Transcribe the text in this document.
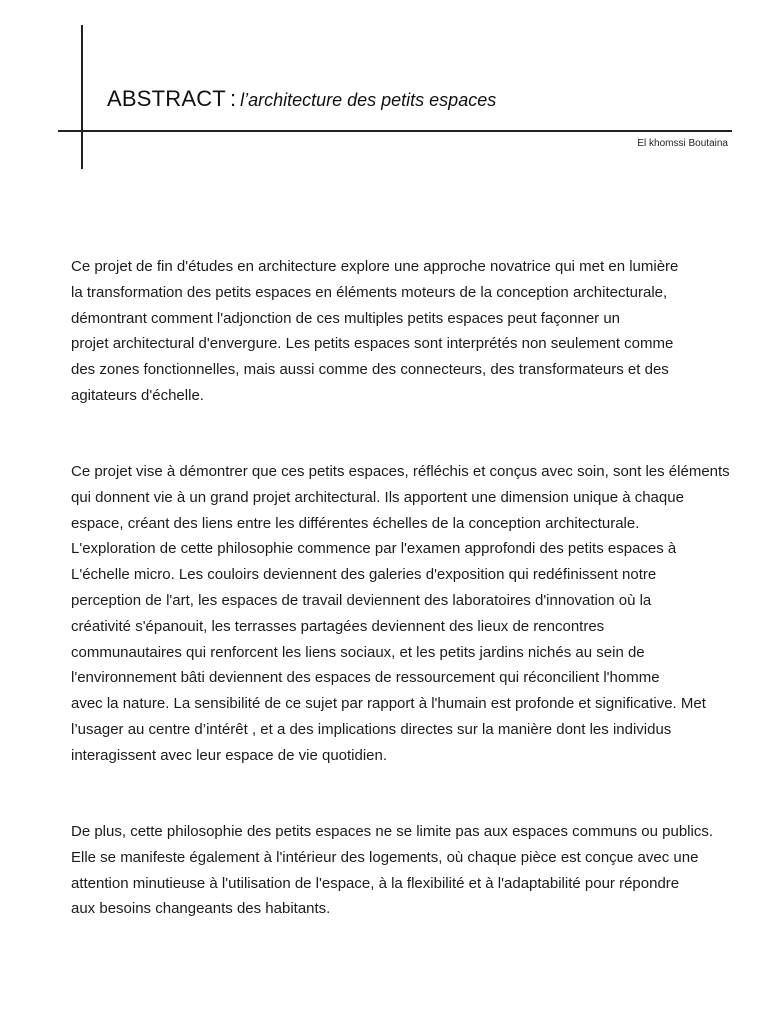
ABSTRACT : l’architecture des petits espaces
El khomssi Boutaina
Ce projet de fin d'études en architecture explore une approche novatrice qui met en lumière
la transformation des petits espaces en éléments moteurs de la conception architecturale,
démontrant comment l'adjonction de ces multiples petits espaces peut façonner un
projet architectural d'envergure. Les petits espaces sont interprétés non seulement comme
des zones fonctionnelles, mais aussi comme des connecteurs, des transformateurs et des
agitateurs d'échelle.
Ce projet vise à démontrer que ces petits espaces, réfléchis et conçus avec soin, sont les éléments
qui donnent vie à un grand projet architectural. Ils apportent une dimension unique à chaque
espace, créant des liens entre les différentes échelles de la conception architecturale.
L'exploration de cette philosophie commence par l'examen approfondi des petits espaces à
L'échelle micro. Les couloirs deviennent des galeries d'exposition qui redéfinissent notre
perception de l'art, les espaces de travail deviennent des laboratoires d'innovation où la
créativité s'épanouit, les terrasses partagées deviennent des lieux de rencontres
communautaires qui renforcent les liens sociaux, et les petits jardins nichés au sein de
l'environnement bâti deviennent des espaces de ressourcement qui réconcilient l'homme
avec la nature. La sensibilité de ce sujet par rapport à l'humain est profonde et significative. Met
l’usager au centre d’intérêt , et a des implications directes sur la manière dont les individus
interagissent avec leur espace de vie quotidien.
De plus, cette philosophie des petits espaces ne se limite pas aux espaces communs ou publics.
Elle se manifeste également à l'intérieur des logements, où chaque pièce est conçue avec une
attention minutieuse à l'utilisation de l'espace, à la flexibilité et à l'adaptabilité pour répondre
aux besoins changeants des habitants.
